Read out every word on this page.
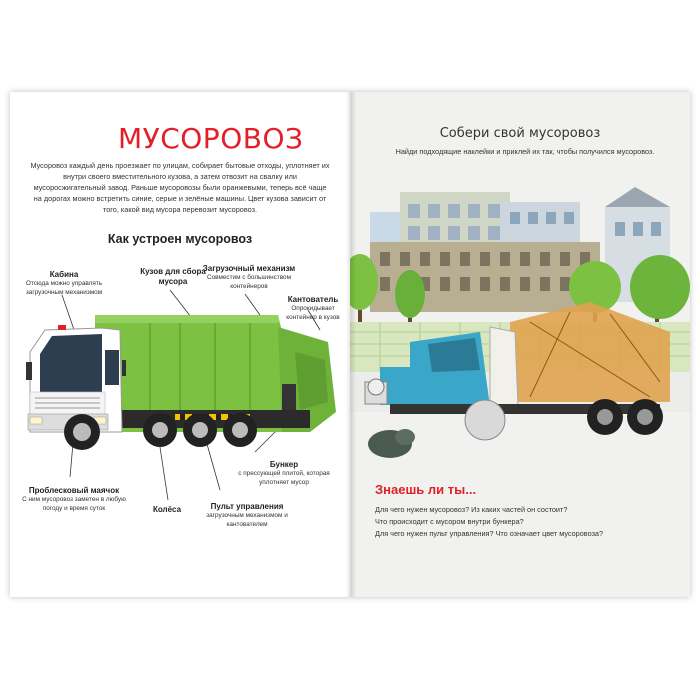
МУСОРОВОЗ
Мусоровоз каждый день проезжает по улицам, собирает бытовые отходы, уплотняет их внутри своего вместительного кузова, а затем отвозит на свалку или мусоросжигательный завод. Раньше мусоровозы были оранжевыми, теперь всё чаще на дорогах можно встретить синие, серые и зелёные машины. Цвет кузова зависит от того, какой вид мусора перевозит мусоровоз.
Как устроен мусоровоз
Кабина
Отсюда можно управлять загрузочным механизмом
Кузов для сбора мусора
Загрузочный механизм
Совместим с большинством контейнеров
Кантователь
Опрокидывает контейнер в кузов
Бункер
с прессующей плитой, которая уплотняет мусор
Проблесковый маячок
С ним мусоровоз заметен в любую погоду и время суток	Колёса	Пульт управления
загрузочным механизмом и кантователем
Собери свой мусоровоз
Найди подходящие наклейки и приклей их так, чтобы получился мусоровоз.
Знаешь ли ты...
Для чего нужен мусоровоз? Из каких частей он состоит?
Что происходит с мусором внутри бункера?
Для чего нужен пульт управления? Что означает цвет мусоровоза?
